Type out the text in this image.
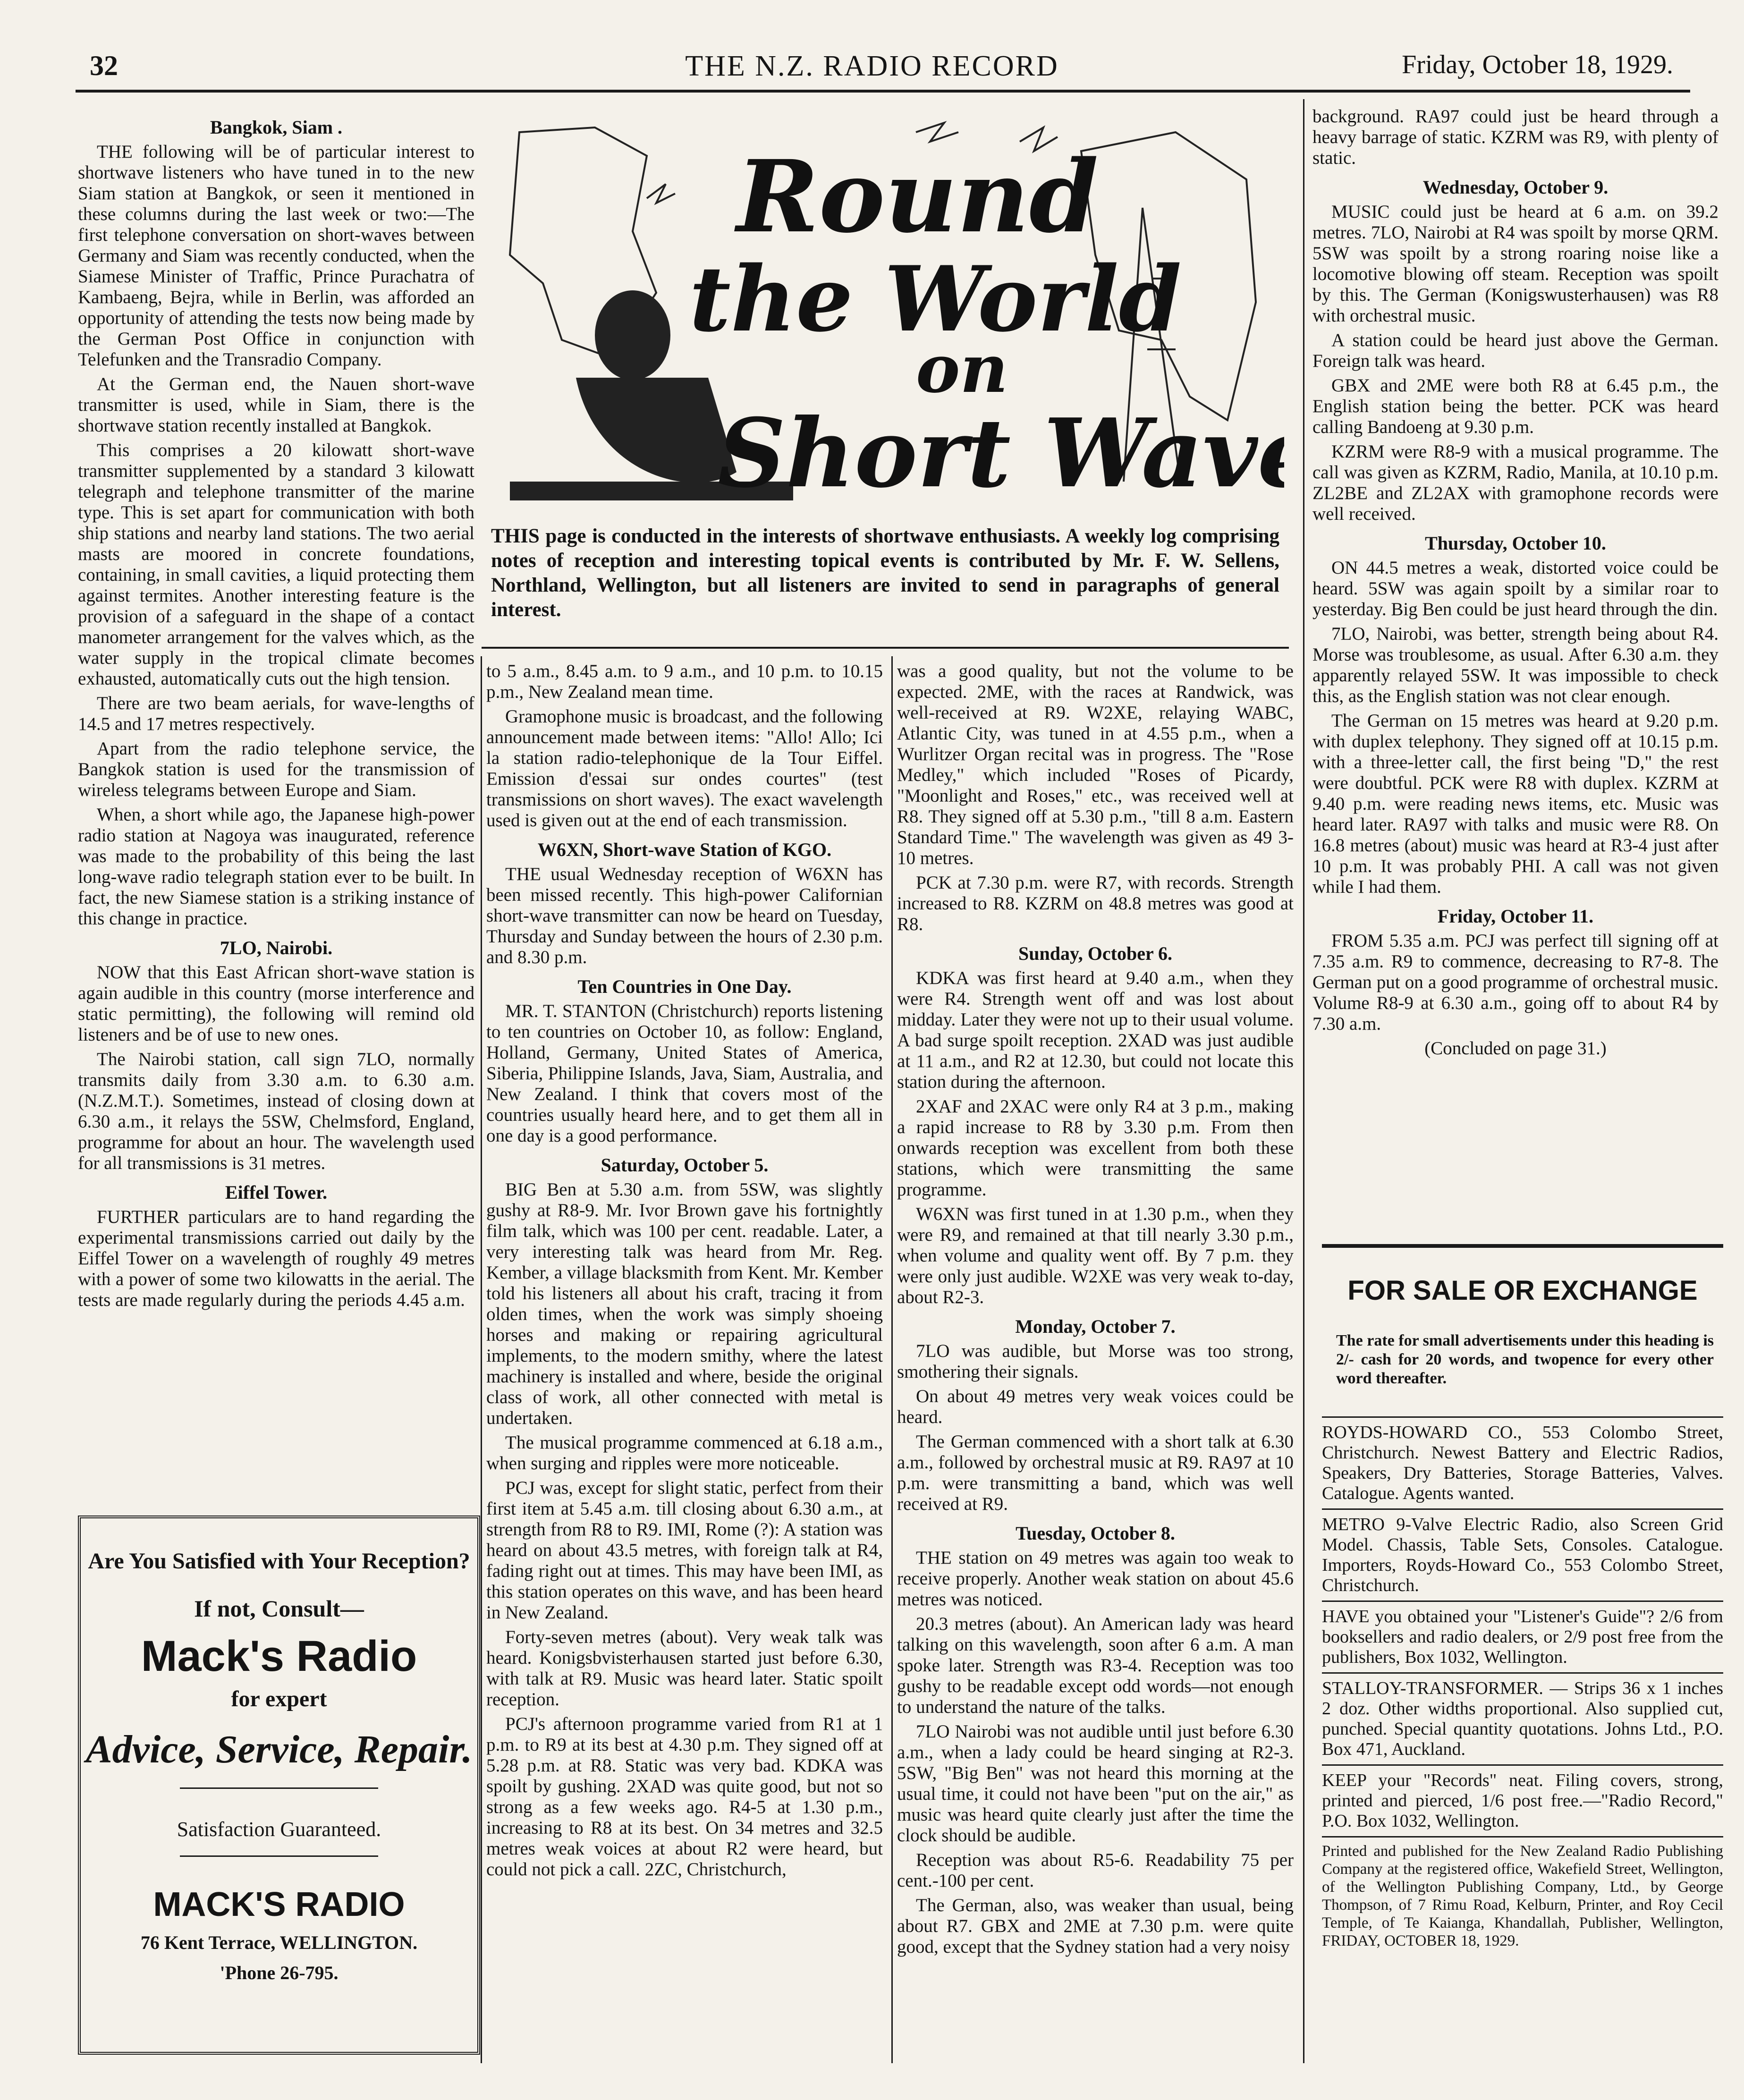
32	THE N.Z. RADIO RECORD	Friday, October 18, 1929.
Round
the World
on
Short Wave
THIS page is conducted in the interests of shortwave enthusiasts. A weekly log comprising notes of reception and interesting topical events is contributed by Mr. F. W. Sellens, Northland, Wellington, but all listeners are invited to send in paragraphs of general interest.
Bangkok, Siam .

THE following will be of particular interest to shortwave listeners who have tuned in to the new Siam station at Bangkok, or seen it mentioned in these columns during the last week or two:—The first telephone conversation on short-waves between Germany and Siam was recently conducted, when the Siamese Minister of Traffic, Prince Purachatra of Kambaeng, Bejra, while in Berlin, was afforded an opportunity of attending the tests now being made by the German Post Office in conjunction with Telefunken and the Transradio Company.

At the German end, the Nauen short-wave transmitter is used, while in Siam, there is the shortwave station recently installed at Bangkok.

This comprises a 20 kilowatt short-wave transmitter supplemented by a standard 3 kilowatt telegraph and telephone transmitter of the marine type. This is set apart for communication with both ship stations and nearby land stations. The two aerial masts are moored in concrete foundations, containing, in small cavities, a liquid protecting them against termites. Another interesting feature is the provision of a safeguard in the shape of a contact manometer arrangement for the valves which, as the water supply in the tropical climate becomes exhausted, automatically cuts out the high tension.

There are two beam aerials, for wave-lengths of 14.5 and 17 metres respectively.

Apart from the radio telephone service, the Bangkok station is used for the transmission of wireless telegrams between Europe and Siam.

When, a short while ago, the Japanese high-power radio station at Nagoya was inaugurated, reference was made to the probability of this being the last long-wave radio telegraph station ever to be built. In fact, the new Siamese station is a striking instance of this change in practice.

7LO, Nairobi.

NOW that this East African short-wave station is again audible in this country (morse interference and static permitting), the following will remind old listeners and be of use to new ones.

The Nairobi station, call sign 7LO, normally transmits daily from 3.30 a.m. to 6.30 a.m. (N.Z.M.T.). Sometimes, instead of closing down at 6.30 a.m., it relays the 5SW, Chelmsford, England, programme for about an hour. The wavelength used for all transmissions is 31 metres.

Eiffel Tower.

FURTHER particulars are to hand regarding the experimental transmissions carried out daily by the Eiffel Tower on a wavelength of roughly 49 metres with a power of some two kilowatts in the aerial. The tests are made regularly during the periods 4.45 a.m.

Are You Satisfied with Your Reception?
If not, Consult—
Mack's Radio
for expert
Advice, Service, Repair.
Satisfaction Guaranteed.
MACK'S RADIO
76 Kent Terrace, WELLINGTON.
'Phone 26-795.

to 5 a.m., 8.45 a.m. to 9 a.m., and 10 p.m. to 10.15 p.m., New Zealand mean time.

Gramophone music is broadcast, and the following announcement made between items: "Allo! Allo; Ici la station radio-telephonique de la Tour Eiffel. Emission d'essai sur ondes courtes" (test transmissions on short waves). The exact wavelength used is given out at the end of each transmission.

W6XN, Short-wave Station of KGO.

THE usual Wednesday reception of W6XN has been missed recently. This high-power Californian short-wave transmitter can now be heard on Tuesday, Thursday and Sunday between the hours of 2.30 p.m. and 8.30 p.m.

Ten Countries in One Day.

MR. T. STANTON (Christchurch) reports listening to ten countries on October 10, as follow: England, Holland, Germany, United States of America, Siberia, Philippine Islands, Java, Siam, Australia, and New Zealand. I think that covers most of the countries usually heard here, and to get them all in one day is a good performance.

Saturday, October 5.

BIG Ben at 5.30 a.m. from 5SW, was slightly gushy at R8-9. Mr. Ivor Brown gave his fortnightly film talk, which was 100 per cent. readable. Later, a very interesting talk was heard from Mr. Reg. Kember, a village blacksmith from Kent. Mr. Kember told his listeners all about his craft, tracing it from olden times, when the work was simply shoeing horses and making or repairing agricultural implements, to the modern smithy, where the latest machinery is installed and where, beside the original class of work, all other connected with metal is undertaken.

The musical programme commenced at 6.18 a.m., when surging and ripples were more noticeable.

PCJ was, except for slight static, perfect from their first item at 5.45 a.m. till closing about 6.30 a.m., at strength from R8 to R9. IMI, Rome (?): A station was heard on about 43.5 metres, with foreign talk at R4, fading right out at times. This may have been IMI, as this station operates on this wave, and has been heard in New Zealand.

Forty-seven metres (about). Very weak talk was heard. Konigsbvisterhausen started just before 6.30, with talk at R9. Music was heard later. Static spoilt reception.

PCJ's afternoon programme varied from R1 at 1 p.m. to R9 at its best at 4.30 p.m. They signed off at 5.28 p.m. at R8. Static was very bad. KDKA was spoilt by gushing. 2XAD was quite good, but not so strong as a few weeks ago. R4-5 at 1.30 p.m., increasing to R8 at its best. On 34 metres and 32.5 metres weak voices at about R2 were heard, but could not pick a call. 2ZC, Christchurch,

was a good quality, but not the volume to be expected. 2ME, with the races at Randwick, was well-received at R9. W2XE, relaying WABC, Atlantic City, was tuned in at 4.55 p.m., when a Wurlitzer Organ recital was in progress. The "Rose Medley," which included "Roses of Picardy, "Moonlight and Roses," etc., was received well at R8. They signed off at 5.30 p.m., "till 8 a.m. Eastern Standard Time." The wavelength was given as 49 3-10 metres.

PCK at 7.30 p.m. were R7, with records. Strength increased to R8. KZRM on 48.8 metres was good at R8.

Sunday, October 6.

KDKA was first heard at 9.40 a.m., when they were R4. Strength went off and was lost about midday. Later they were not up to their usual volume. A bad surge spoilt reception. 2XAD was just audible at 11 a.m., and R2 at 12.30, but could not locate this station during the afternoon.

2XAF and 2XAC were only R4 at 3 p.m., making a rapid increase to R8 by 3.30 p.m. From then onwards reception was excellent from both these stations, which were transmitting the same programme.

W6XN was first tuned in at 1.30 p.m., when they were R9, and remained at that till nearly 3.30 p.m., when volume and quality went off. By 7 p.m. they were only just audible. W2XE was very weak to-day, about R2-3.

Monday, October 7.

7LO was audible, but Morse was too strong, smothering their signals.

On about 49 metres very weak voices could be heard.

The German commenced with a short talk at 6.30 a.m., followed by orchestral music at R9. RA97 at 10 p.m. were transmitting a band, which was well received at R9.

Tuesday, October 8.

THE station on 49 metres was again too weak to receive properly. Another weak station on about 45.6 metres was noticed.

20.3 metres (about). An American lady was heard talking on this wavelength, soon after 6 a.m. A man spoke later. Strength was R3-4. Reception was too gushy to be readable except odd words—not enough to understand the nature of the talks.

7LO Nairobi was not audible until just before 6.30 a.m., when a lady could be heard singing at R2-3. 5SW, "Big Ben" was not heard this morning at the usual time, it could not have been "put on the air," as music was heard quite clearly just after the time the clock should be audible.

Reception was about R5-6. Readability 75 per cent.-100 per cent.

The German, also, was weaker than usual, being about R7. GBX and 2ME at 7.30 p.m. were quite good, except that the Sydney station had a very noisy

background. RA97 could just be heard through a heavy barrage of static. KZRM was R9, with plenty of static.

Wednesday, October 9.

MUSIC could just be heard at 6 a.m. on 39.2 metres. 7LO, Nairobi at R4 was spoilt by morse QRM. 5SW was spoilt by a strong roaring noise like a locomotive blowing off steam. Reception was spoilt by this. The German (Konigswusterhausen) was R8 with orchestral music.

A station could be heard just above the German. Foreign talk was heard.

GBX and 2ME were both R8 at 6.45 p.m., the English station being the better. PCK was heard calling Bandoeng at 9.30 p.m.

KZRM were R8-9 with a musical programme. The call was given as KZRM, Radio, Manila, at 10.10 p.m. ZL2BE and ZL2AX with gramophone records were well received.

Thursday, October 10.

ON 44.5 metres a weak, distorted voice could be heard. 5SW was again spoilt by a similar roar to yesterday. Big Ben could be just heard through the din.

7LO, Nairobi, was better, strength being about R4. Morse was troublesome, as usual. After 6.30 a.m. they apparently relayed 5SW. It was impossible to check this, as the English station was not clear enough.

The German on 15 metres was heard at 9.20 p.m. with duplex telephony. They signed off at 10.15 p.m. with a three-letter call, the first being "D," the rest were doubtful. PCK were R8 with duplex. KZRM at 9.40 p.m. were reading news items, etc. Music was heard later. RA97 with talks and music were R8. On 16.8 metres (about) music was heard at R3-4 just after 10 p.m. It was probably PHI. A call was not given while I had them.

Friday, October 11.

FROM 5.35 a.m. PCJ was perfect till signing off at 7.35 a.m. R9 to commence, decreasing to R7-8. The German put on a good programme of orchestral music. Volume R8-9 at 6.30 a.m., going off to about R4 by 7.30 a.m.

(Concluded on page 31.)
FOR SALE OR EXCHANGE
The rate for small advertisements under this heading is 2/- cash for 20 words, and twopence for every other word thereafter.

ROYDS-HOWARD CO., 553 Colombo Street, Christchurch. Newest Battery and Electric Radios, Speakers, Dry Batteries, Storage Batteries, Valves. Catalogue. Agents wanted.

METRO 9-Valve Electric Radio, also Screen Grid Model. Chassis, Table Sets, Consoles. Catalogue. Importers, Royds-Howard Co., 553 Colombo Street, Christchurch.

HAVE you obtained your "Listener's Guide"? 2/6 from booksellers and radio dealers, or 2/9 post free from the publishers, Box 1032, Wellington.

STALLOY-TRANSFORMER. — Strips 36 x 1 inches 2 doz. Other widths proportional. Also supplied cut, punched. Special quantity quotations. Johns Ltd., P.O. Box 471, Auckland.

KEEP your "Records" neat. Filing covers, strong, printed and pierced, 1/6 post free.—"Radio Record," P.O. Box 1032, Wellington.

Printed and published for the New Zealand Radio Publishing Company at the registered office, Wakefield Street, Wellington, of the Wellington Publishing Company, Ltd., by George Thompson, of 7 Rimu Road, Kelburn, Printer, and Roy Cecil Temple, of Te Kaianga, Khandallah, Publisher, Wellington, FRIDAY, OCTOBER 18, 1929.
